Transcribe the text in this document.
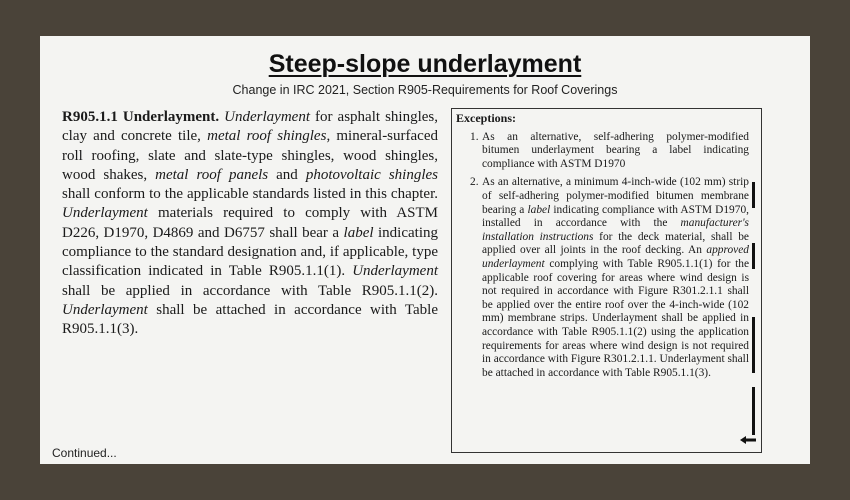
Steep-slope underlayment
Change in IRC 2021, Section R905-Requirements for Roof Coverings
R905.1.1 Underlayment. Underlayment for asphalt shingles, clay and concrete tile, metal roof shingles, mineral-surfaced roll roofing, slate and slate-type shingles, wood shingles, wood shakes, metal roof panels and photovoltaic shingles shall conform to the applicable standards listed in this chapter. Underlayment materials required to comply with ASTM D226, D1970, D4869 and D6757 shall bear a label indicating compliance to the standard designation and, if applicable, type classification indicated in Table R905.1.1(1). Underlayment shall be applied in accordance with Table R905.1.1(2). Underlayment shall be attached in accordance with Table R905.1.1(3).
Exceptions:
1. As an alternative, self-adhering polymer-modified bitumen underlayment bearing a label indicating compliance with ASTM D1970
2. As an alternative, a minimum 4-inch-wide (102 mm) strip of self-adhering polymer-modified bitumen membrane bearing a label indicating compliance with ASTM D1970, installed in accordance with the manufacturer's installation instructions for the deck material, shall be applied over all joints in the roof decking. An approved underlayment complying with Table R905.1.1(1) for the applicable roof covering for areas where wind design is not required in accordance with Figure R301.2.1.1 shall be applied over the entire roof over the 4-inch-wide (102 mm) membrane strips. Underlayment shall be applied in accordance with Table R905.1.1(2) using the application requirements for areas where wind design is not required in accordance with Figure R301.2.1.1. Underlayment shall be attached in accordance with Table R905.1.1(3).
Continued...
